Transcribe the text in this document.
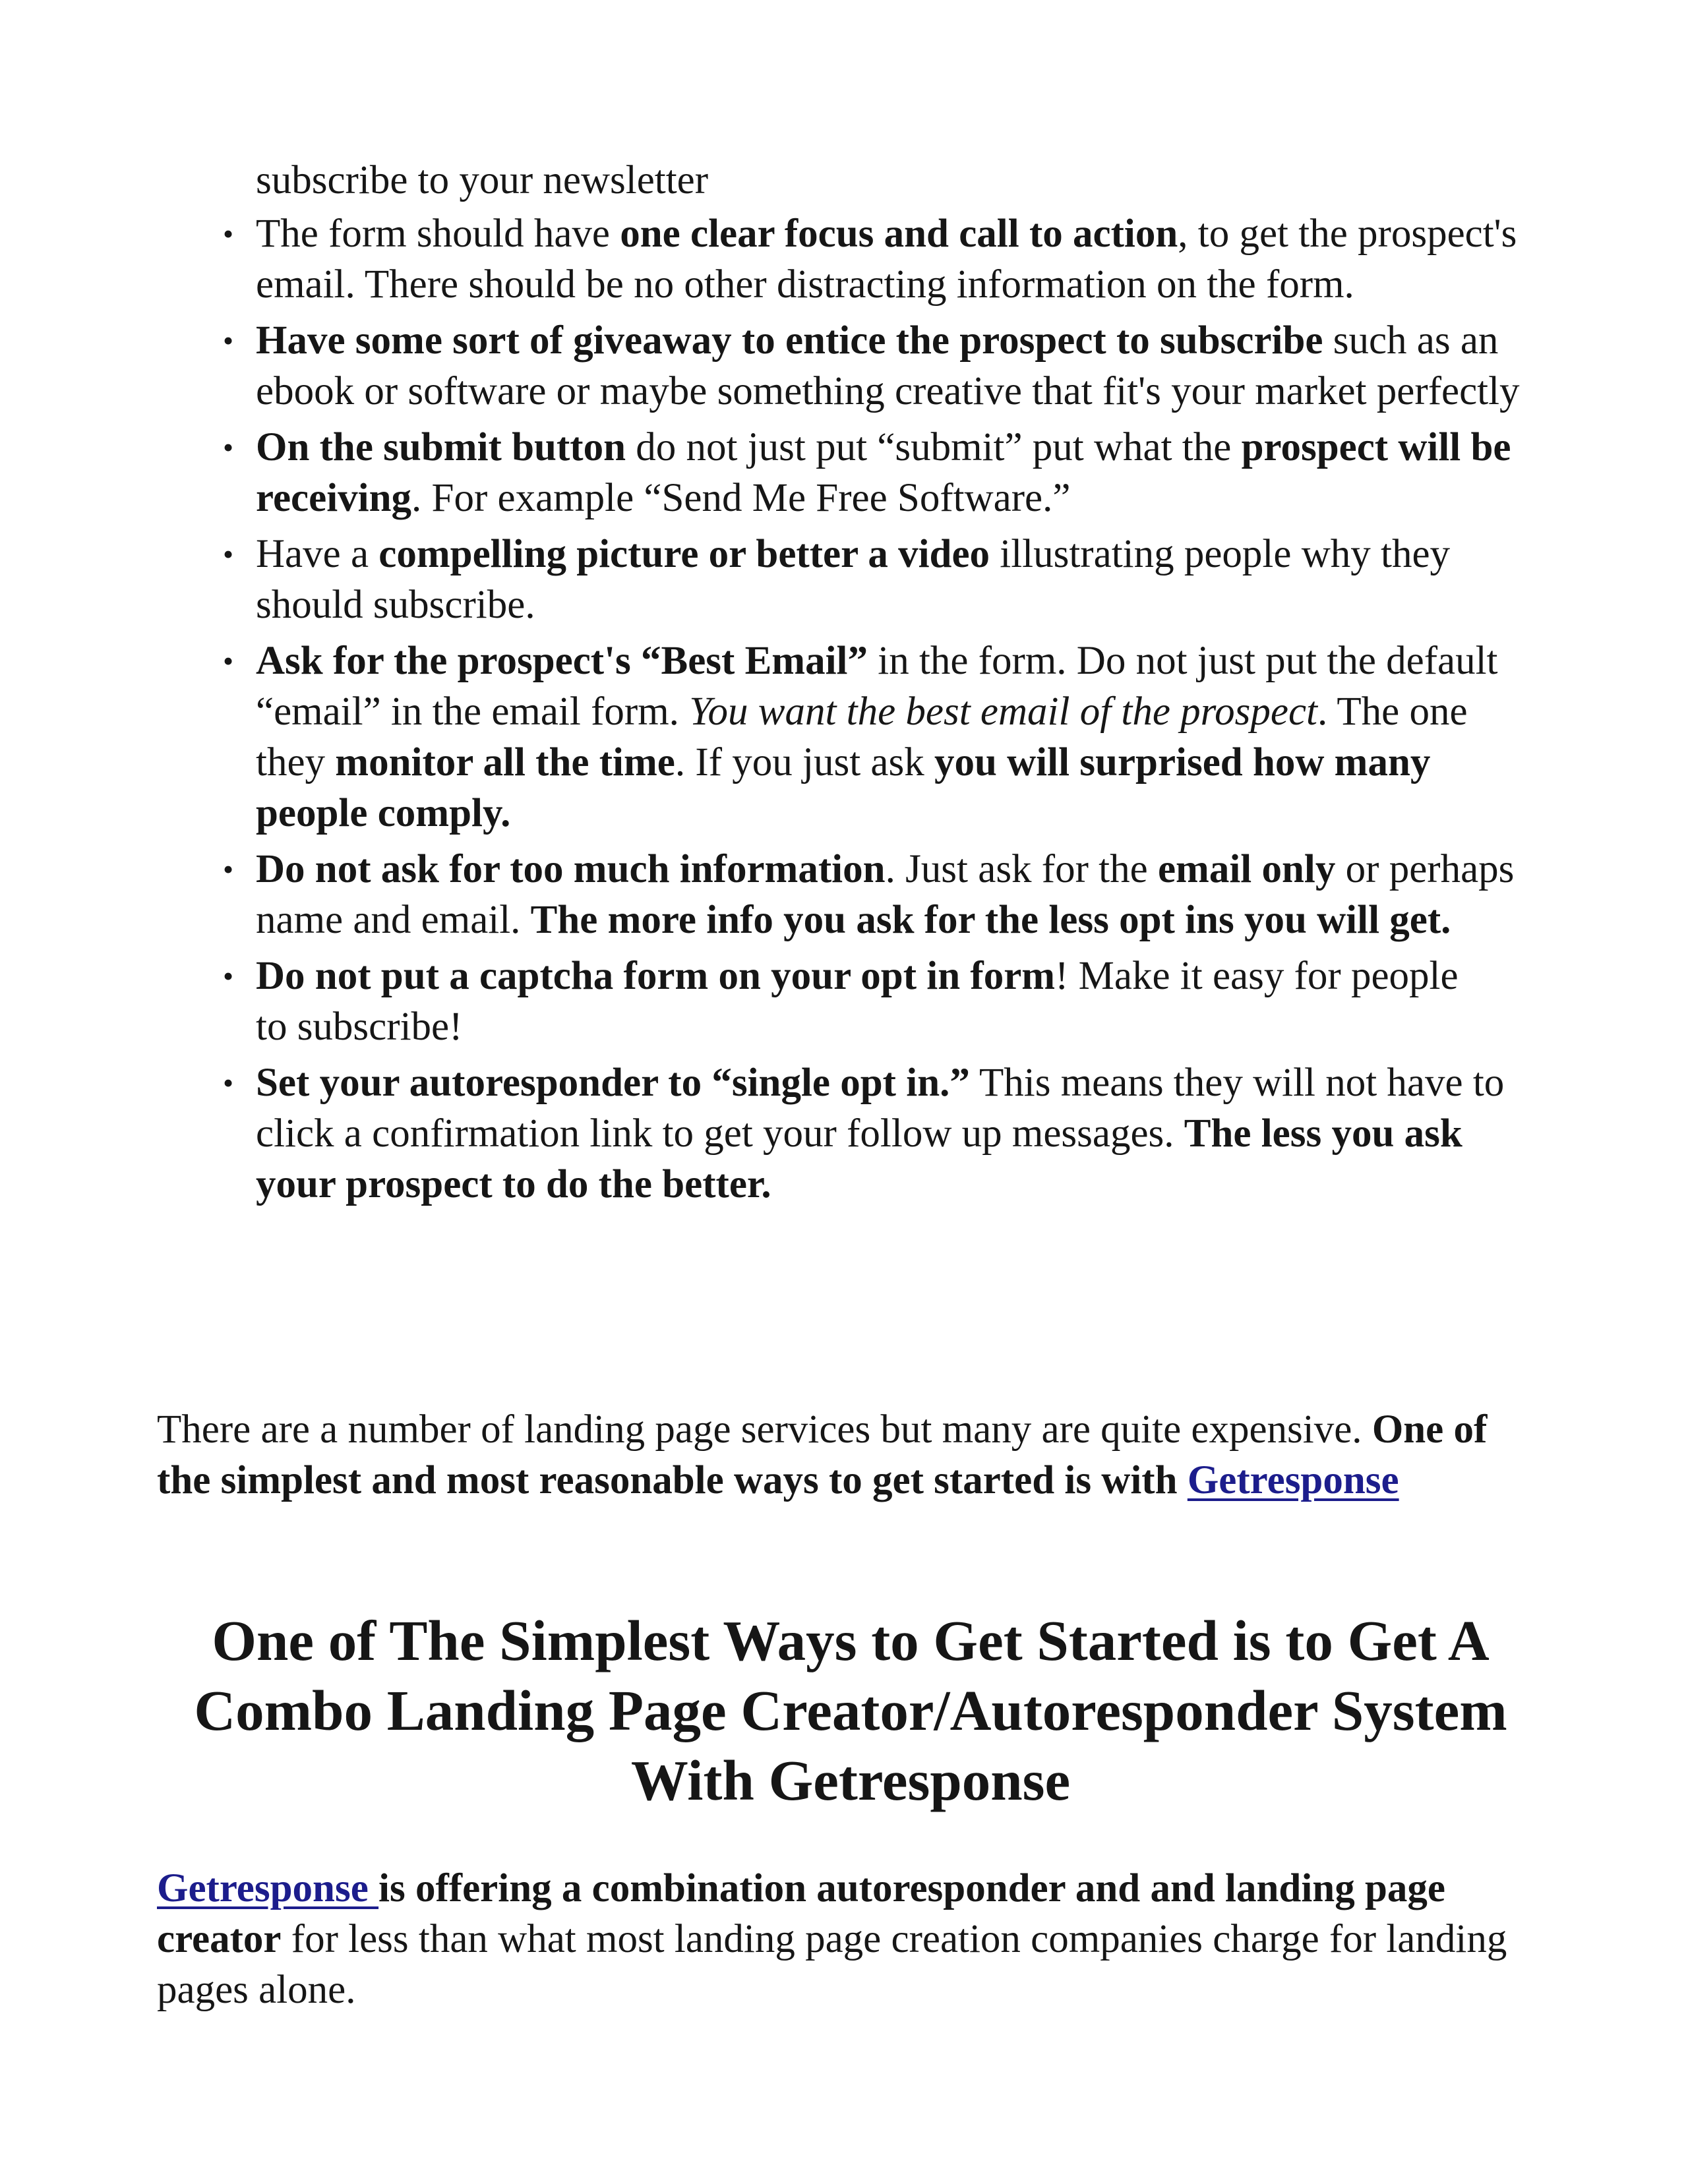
subscribe to your newsletter

• The form should have one clear focus and call to action, to get the prospect's email. There should be no other distracting information on the form.
• Have some sort of giveaway to entice the prospect to subscribe such as an ebook or software or maybe something creative that fit's your market perfectly
• On the submit button do not just put “submit” put what the prospect will be receiving. For example “Send Me Free Software.”
• Have a compelling picture or better a video illustrating people why they should subscribe.
• Ask for the prospect's “Best Email” in the form. Do not just put the default “email” in the email form. You want the best email of the prospect. The one they monitor all the time. If you just ask you will surprised how many people comply.
• Do not ask for too much information. Just ask for the email only or perhaps name and email. The more info you ask for the less opt ins you will get.
• Do not put a captcha form on your opt in form! Make it easy for people to subscribe!
• Set your autoresponder to “single opt in.” This means they will not have to click a confirmation link to get your follow up messages. The less you ask your prospect to do the better.

There are a number of landing page services but many are quite expensive. One of the simplest and most reasonable ways to get started is with Getresponse

One of The Simplest Ways to Get Started is to Get A Combo Landing Page Creator/Autoresponder System With Getresponse

Getresponse is offering a combination autoresponder and and landing page creator for less than what most landing page creation companies charge for landing pages alone.
